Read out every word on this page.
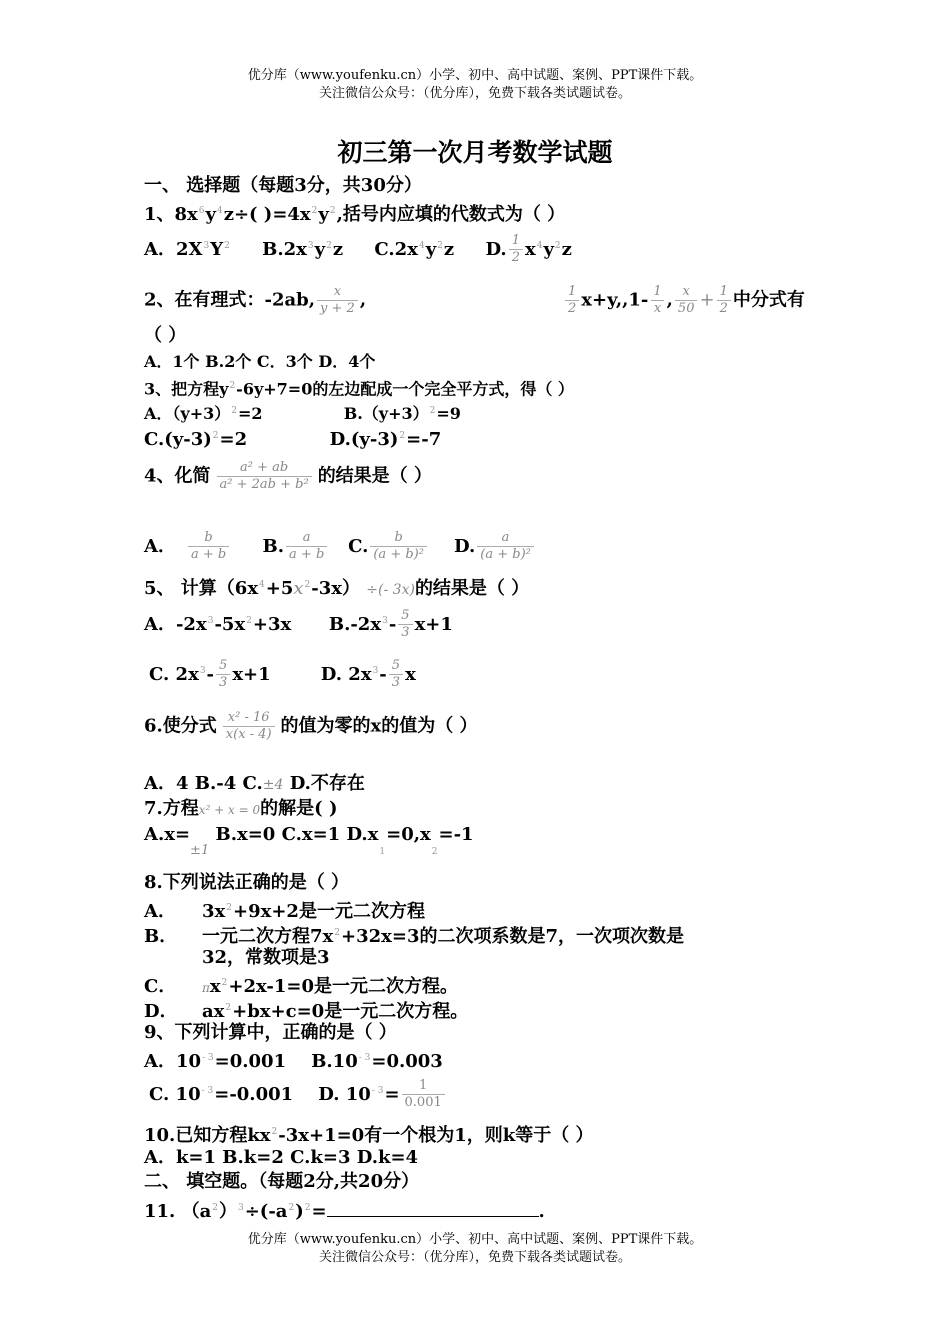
优分库（www.youfenku.cn）小学、初中、高中试题、案例、PPT课件下载。
关注微信公众号：（优分库），免费下载各类试题试卷。
初三第一次月考数学试题
一、 选择题（每题3分，共30分）
1、$8x^6y^4z\div$( )$=4x^2y^2$,括号内应填的代数式为（ ）
A．$2X^3Y^2$ $B.2x^3y^2z$ $C.2x^4y^2z$ D. $\frac{1}{2} x^4y^2z$
2、在有理式：-2ab, $\frac{x}{y + 2}$ ,	$\frac{1}{2} x+y,,1- \frac{1}{x}$ , $\frac{x}{50} + \frac{1}{2}$ 中分式有
（ ）
A．1个 B.2个 C．3个 D．4个
3、把方程$y^2-6y+7=0$的左边配成一个完全平方式，得（ ）
A．$(y+3)^2=2$	$B.(y+3)^2=9$
$C.(y-3)^2=2$	$D.(y-3)^2=-7$
4、化简 $\frac{\text{a² + ab}}{\text{a² + 2ab + b²}}$ 的结果是（ ）
A． $\frac{b}{a + b} B$. $\frac{a}{a + b} C$. $\frac{b}{\text{(a + b)²}} D$. $\frac{a}{\text{(a + b)²}}$
5、 计算$(6x^4+5x^2-3x)$ ÷(- 3x)的结果是（ ）
A．$-2x^3-5x^2+3x$ $B.-2x^3- \frac{5}{3} x+1$
C. $2x^3- \frac{5}{3} x+1$	D. $2x^3- \frac{5}{3}$ x
6.使分式 $\frac{\text{x² - 16}}{x(x - 4)}$ 的值为零的x的值为（ ）
A．4 B.-4 C.±4 D.不存在
7.方程x² + x = 0的解是( )
$A.x=_{\pm 1}$ B.x=0 C.x=1 $D.x_1=0,x_2=-1$
8.下列说法正确的是（ ）
A． $3x^2+9x+2$是一元二次方程
B． 一元二次方程$7x^2+32x=3$的二次项系数是7，一次项次数是
32，常数项是3
C． $\pi x^2+2x-1=0$是一元二次方程。
D． $ax^2+bx+c=0$是一元二次方程。
9、下列计算中，正确的是（ ）
A．$10^{- 3}=0.001$ $B.10^{- 3}=0.003$
C. $10^{- 3}=-0.001$ D. $10^{- 3}= \frac{1}{0.001}$
10.已知方程$kx^2-3x+1=0$有一个根为1，则k等于（ ）
A．k=1 B.k=2 C.k=3 D.k=4
二、 填空题。（每题2分,共20分）
11. $(a^2)^3\div(-a^2)^2=$	.
优分库（www.youfenku.cn）小学、初中、高中试题、案例、PPT课件下载。
关注微信公众号：（优分库），免费下载各类试题试卷。
